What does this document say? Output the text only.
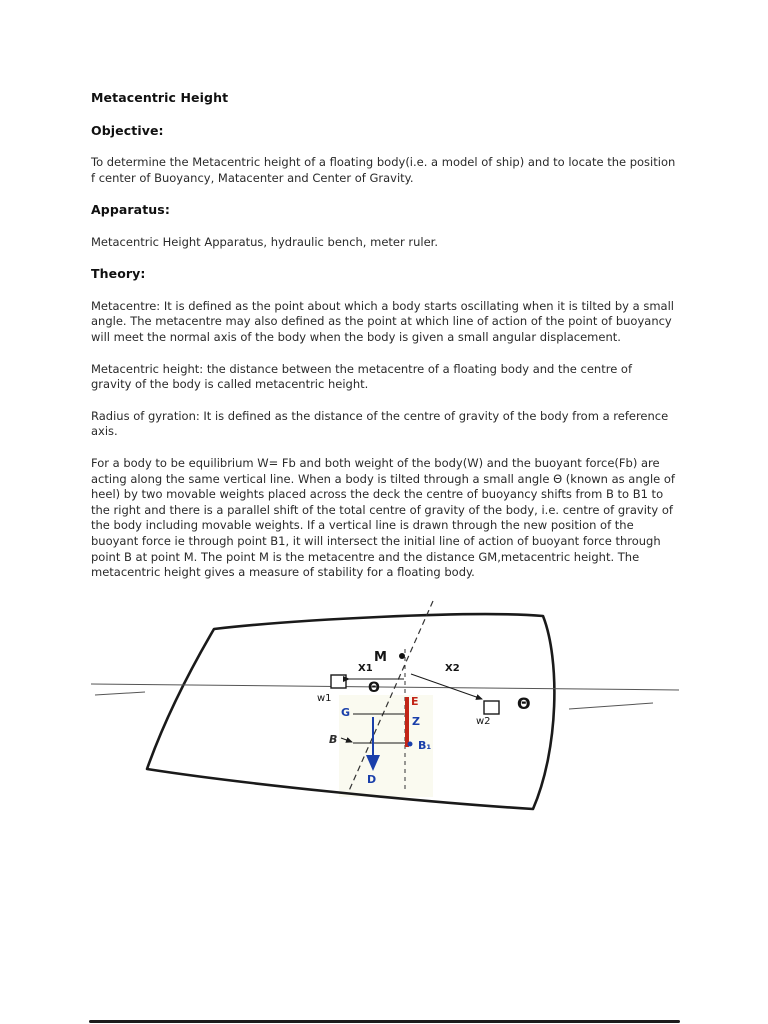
Metacentric Height
Objective:

To determine the Metacentric height of a floating body(i.e. a model of ship) and to locate the position f center of Buoyancy, Matacenter and Center of Gravity.

Apparatus:

Metacentric Height Apparatus, hydraulic bench, meter ruler.

Theory:

Metacentre: It is defined as the point about which a body starts oscillating when it is tilted by a small angle. The metacentre may also defined as the point at which line of action of the point of buoyancy will meet the normal axis of the body when the body is given a small angular displacement.

Metacentric height: the distance between the metacentre of a floating body and the centre of gravity of the body is called metacentric height.

Radius of gyration: It is defined as the distance of the centre of gravity of the body from a reference axis.

For a body to be equilibrium W= Fb and both weight of the body(W) and the buoyant force(Fb) are acting along the same vertical line. When a body is tilted through a small angle Θ (known as angle of heel) by two movable weights placed across the deck the centre of buoyancy shifts from B to B1 to the right and there is a parallel shift of the total centre of gravity of the body, i.e. centre of gravity of the body including movable weights. If a vertical line is drawn through the new position of the buoyant force ie through point B1, it will intersect the initial line of action of buoyant force through point B at point M. The point M is the metacentre and the distance GM,metacentric height. The metacentric height gives a measure of stability for a floating body.

M
X1	X2
w1
w2
Θ
Θ
G
E
Z
B	B₁
D
